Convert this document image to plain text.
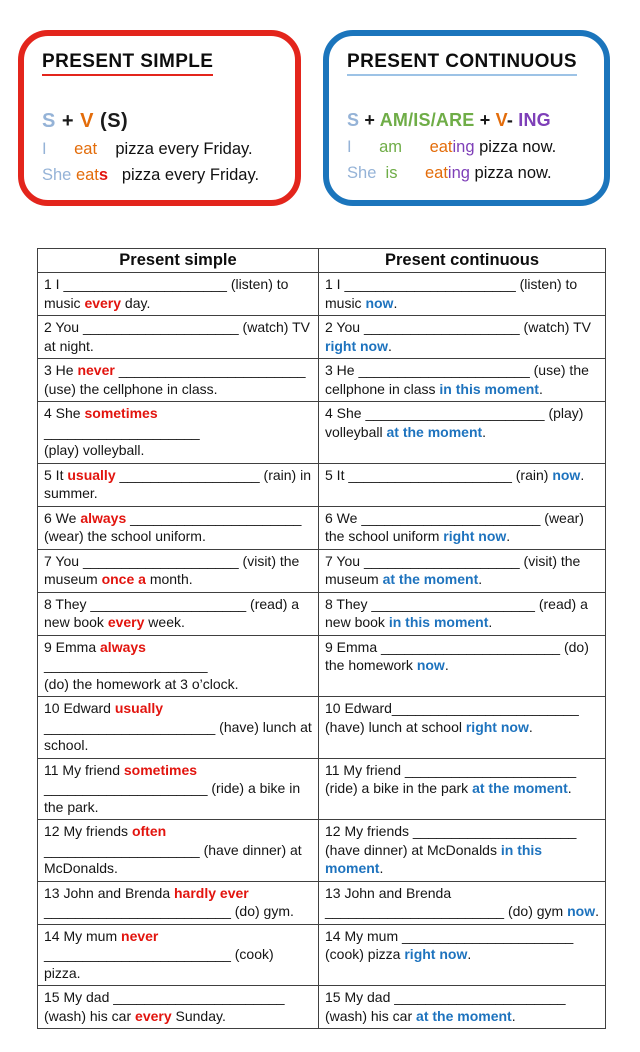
PRESENT SIMPLE
S + V (S)
I eat    pizza every Friday.
She eats   pizza every Friday.
PRESENT CONTINUOUS
S + AM/IS/ARE + V- ING
I am eating pizza now.
She is eating pizza now.
Present simple	Present continuous
1 I _____________________ (listen) to
music every day.	1 I ______________________ (listen) to
music now.
2 You ____________________ (watch) TV
at night.	2 You ____________________ (watch) TV
right now.
3 He never ________________________
(use) the cellphone in class.	3 He ______________________ (use) the
cellphone in class in this moment.
4 She sometimes ____________________
(play) volleyball.	4 She _______________________ (play)
volleyball at the moment.
5 It usually __________________ (rain) in
summer.	5 It _____________________ (rain) now.
6 We always ______________________
(wear) the school uniform.	6 We _______________________ (wear)
the school uniform right now.
7 You ____________________ (visit) the
museum once a month.	7 You ____________________ (visit) the
museum at the moment.
8 They ____________________ (read) a
new book every week.	8 They _____________________ (read) a
new book in this moment.
9 Emma always _____________________
(do) the homework at 3 o’clock.	9 Emma _______________________ (do)
the homework now.
10 Edward usually
______________________ (have) lunch at
school.	10 Edward________________________
(have) lunch at school right now.
11 My friend sometimes
_____________________ (ride) a bike in
the park.	11 My friend ______________________
(ride) a bike in the park at the moment.
12 My friends often
____________________ (have dinner) at
McDonalds.	12 My friends _____________________
(have dinner) at McDonalds in this
moment.
13 John and Brenda hardly ever
________________________ (do) gym.	13 John and Brenda
_______________________ (do) gym now.
14 My mum never
________________________ (cook) pizza.	14 My mum ______________________
(cook) pizza right now.
15 My dad ______________________
(wash) his car every Sunday.	15 My dad ______________________
(wash) his car at the moment.
